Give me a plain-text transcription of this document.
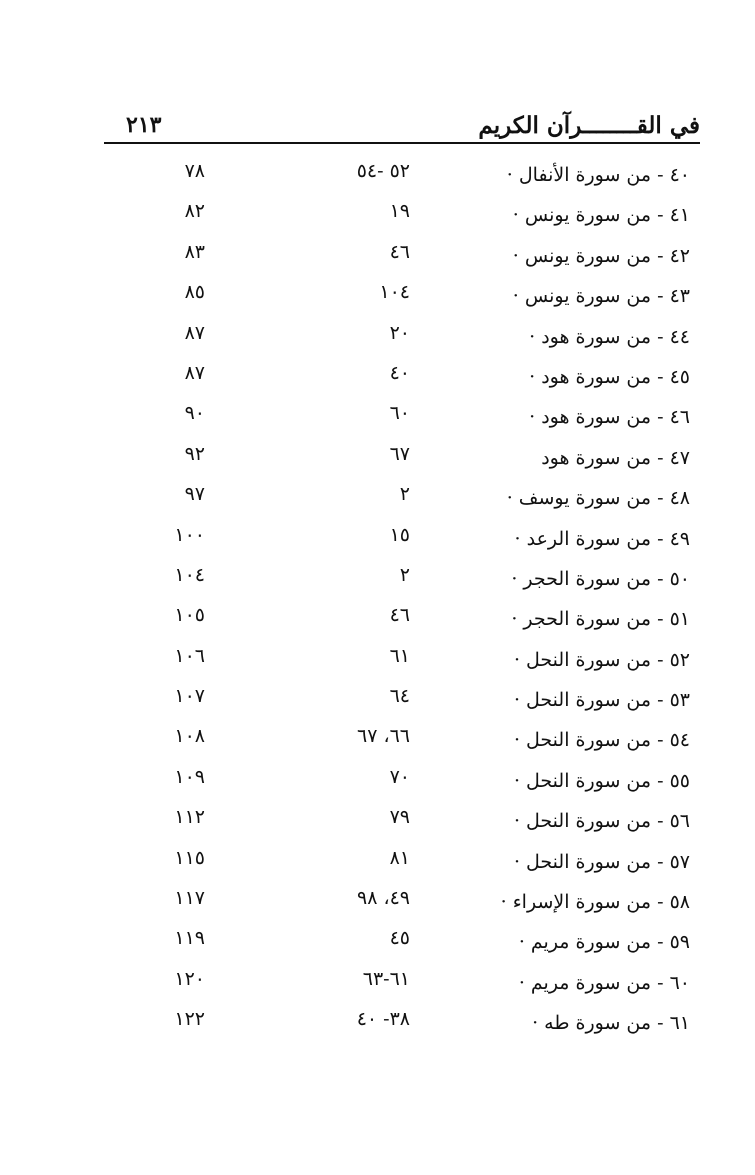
٢١٣	في القــــــــرآن الكريم
٧٨	٥٢ -٥٤	٤٠ - من سورة الأنفال ·
٨٢	١٩	٤١ - من سورة يونس ·
٨٣	٤٦	٤٢ - من سورة يونس ·
٨٥	١٠٤	٤٣ - من سورة يونس ·
٨٧	٢٠	٤٤ - من سورة هود ·
٨٧	٤٠	٤٥ - من سورة هود ·
٩٠	٦٠	٤٦ - من سورة هود ·
٩٢	٦٧	٤٧ - من سورة هود
٩٧	٢	٤٨ - من سورة يوسف ·
١٠٠	١٥	٤٩ - من سورة الرعد ·
١٠٤	٢	٥٠ - من سورة الحجر ·
١٠٥	٤٦	٥١ - من سورة الحجر ·
١٠٦	٦١	٥٢ - من سورة النحل ·
١٠٧	٦٤	٥٣ - من سورة النحل ·
١٠٨	٦٦، ٦٧	٥٤ - من سورة النحل ·
١٠٩	٧٠	٥٥ - من سورة النحل ·
١١٢	٧٩	٥٦ - من سورة النحل ·
١١٥	٨١	٥٧ - من سورة النحل ·
١١٧	٤٩، ٩٨	٥٨ - من سورة الإسراء ·
١١٩	٤٥	٥٩ - من سورة مريم ·
١٢٠	٦١-٦٣	٦٠ - من سورة مريم ·
١٢٢	٣٨- ٤٠	٦١ - من سورة طه ·
